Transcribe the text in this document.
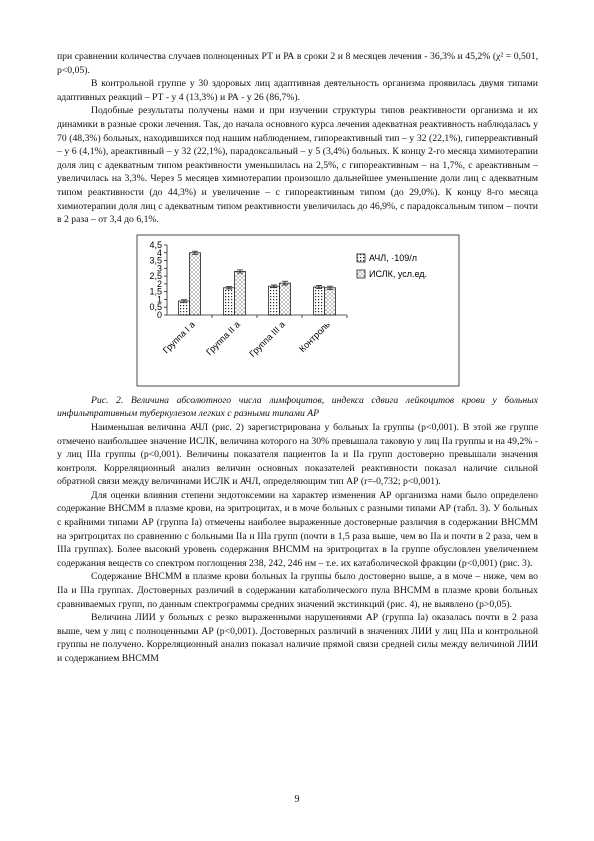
при сравнении количества случаев полноценных РТ и РА в сроки 2 и 8 месяцев лечения - 36,3% и 45,2% (χ² = 0,501, р<0,05).

В контрольной группе у 30 здоровых лиц адаптивная деятельность организма проявилась двумя типами адаптивных реакций – РТ - у 4 (13,3%) и РА - у 26 (86,7%).

Подобные результаты получены нами и при изучении структуры типов реактивности организма и их динамики в разные сроки лечения. Так, до начала основного курса лечения адекватная реактивность наблюдалась у 70 (48,3%) больных, находившихся под нашим наблюдением, гипореактивный тип – у 32 (22,1%), гиперреактивный – у 6 (4,1%), ареактивный – у 32 (22,1%), парадоксальный – у 5 (3,4%) больных. К концу 2-го месяца химиотерапии доля лиц с адекватным типом реактивности уменьшилась на 2,5%, с гипореактивным – на 1,7%, с ареактивным – увеличилась на 3,3%. Через 5 месяцев химиотерапии произошло дальнейшее уменьшение доли лиц с адекватным типом реактивности (до 44,3%) и увеличение – с гипореактивным типом (до 29,0%). К концу 8-го месяца химиотерапии доля лиц с адекватным типом реактивности увеличилась до 46,9%, с парадоксальным типом – почти в 2 раза – от 3,4 до 6,1%.

0
0,5
1
1,5
2
2,5
3
3,5
4
4,5
Группа I а Группа II а Группа III а Контроль
АЧЛ, ·109/л
ИСЛК, усл.ед.

Рис. 2. Величина абсолютного числа лимфоцитов, индекса сдвига лейкоцитов крови у больных инфильтративным туберкулезом легких с разными типами АР

Наименьшая величина АЧЛ (рис. 2) зарегистрирована у больных Iа группы (р<0,001). В этой же группе отмечено наибольшее значение ИСЛК, величина которого на 30% превышала таковую у лиц IIа группы и на 49,2% - у лиц IIIа группы (р<0,001). Величины показателя пациентов Iа и IIа групп достоверно превышали значения контроля. Корреляционный анализ величин основных показателей реактивности показал наличие сильной обратной связи между величинами ИСЛК и АЧЛ, определяющим тип АР (r=-0,732; р<0,001).

Для оценки влияния степени эндотоксемии на характер изменения АР организма нами было определено содержание ВНСММ в плазме крови, на эритроцитах, и в моче больных с разными типами АР (табл. 3). У больных с крайними типами АР (группа Iа) отмечены наиболее выраженные достоверные различия в содержании ВНСММ на эритроцитах по сравнению с больными IIа и IIIа групп (почти в 1,5 раза выше, чем во IIа и почти в 2 раза, чем в IIIа группах). Более высокий уровень содержания ВНСММ на эритроцитах в Iа группе обусловлен увеличением содержания веществ со спектром поглощения 238, 242, 246 нм – т.е. их катаболической фракции (р<0,001) (рис. 3).

Содержание ВНСММ в плазме крови больных Iа группы было достоверно выше, а в моче – ниже, чем во IIа и IIIа группах. Достоверных различий в содержании катаболического пула ВНСММ в плазме крови больных сравниваемых групп, по данным спектрограммы средних значений экстинкций (рис. 4), не выявлено (р>0,05).

Величина ЛИИ у больных с резко выраженными нарушениями АР (группа Iа) оказалась почти в 2 раза выше, чем у лиц с полноценными АР (р<0,001). Достоверных различий в значениях ЛИИ у лиц IIIа и контрольной группы не получено. Корреляционный анализ показал наличие прямой связи средней силы между величиной ЛИИ и содержанием ВНСММ

9
